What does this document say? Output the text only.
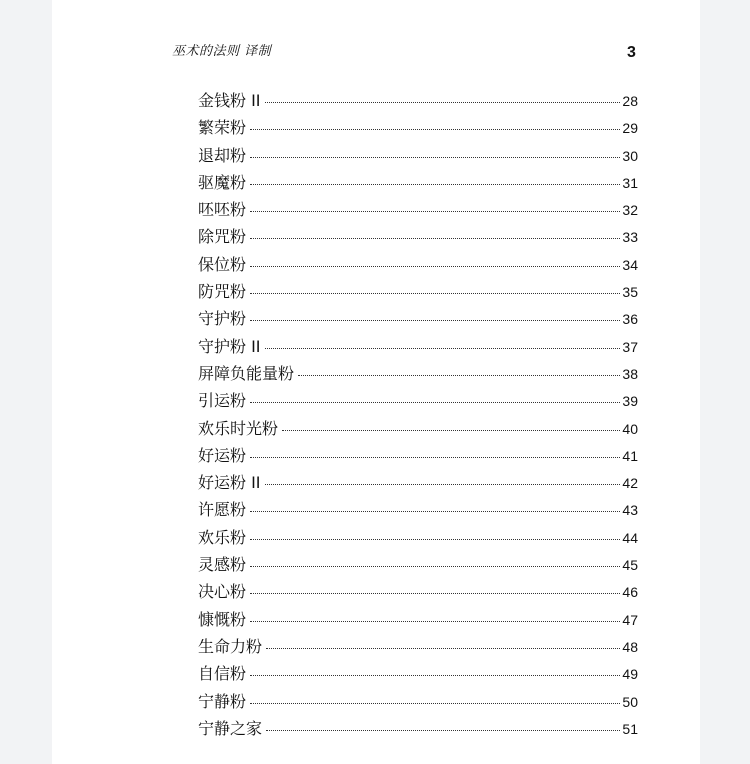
巫术的法则 译制	3
金钱粉 II	28
繁荣粉	29
退却粉	30
驱魔粉	31
呸呸粉	32
除咒粉	33
保位粉	34
防咒粉	35
守护粉	36
守护粉 II	37
屏障负能量粉	38
引运粉	39
欢乐时光粉	40
好运粉	41
好运粉 II	42
许愿粉	43
欢乐粉	44
灵感粉	45
决心粉	46
慷慨粉	47
生命力粉	48
自信粉	49
宁静粉	50
宁静之家	51
